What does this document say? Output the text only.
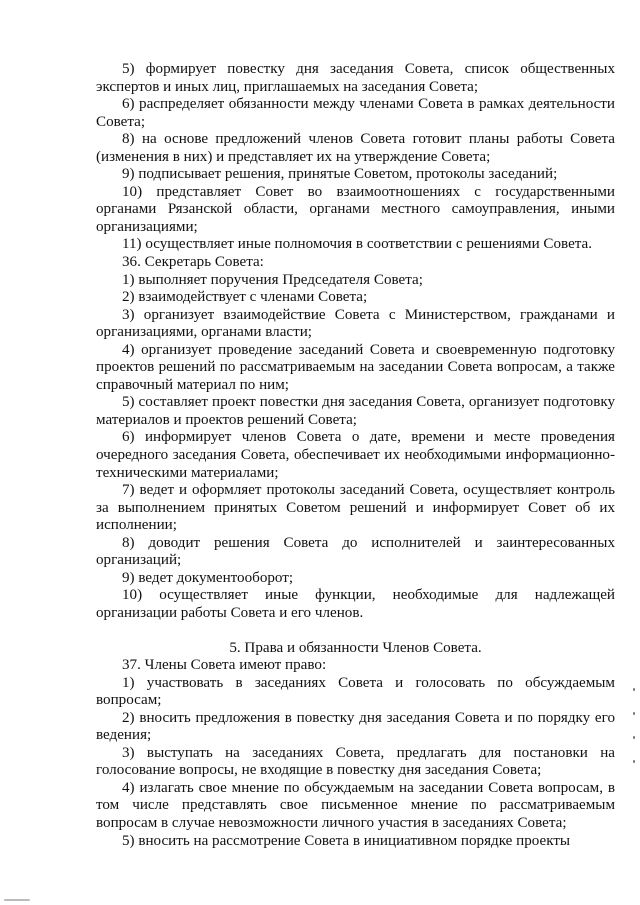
5) формирует повестку дня заседания Совета, список общественных экспертов и иных лиц, приглашаемых на заседания Совета;

6) распределяет обязанности между членами Совета в рамках деятельности Совета;

8) на основе предложений членов Совета готовит планы работы Совета (изменения в них) и представляет их на утверждение Совета;

9) подписывает решения, принятые Советом, протоколы заседаний;

10) представляет Совет во взаимоотношениях с государственными органами Рязанской области, органами местного самоуправления, иными организациями;

11) осуществляет иные полномочия в соответствии с решениями Совета.

36. Секретарь Совета:

1) выполняет поручения Председателя Совета;

2) взаимодействует с членами Совета;

3) организует взаимодействие Совета с Министерством, гражданами и организациями, органами власти;

4) организует проведение заседаний Совета и своевременную подготовку проектов решений по рассматриваемым на заседании Совета вопросам, а также справочный материал по ним;

5) составляет проект повестки дня заседания Совета, организует подготовку материалов и проектов решений Совета;

6) информирует членов Совета о дате, времени и месте проведения очередного заседания Совета, обеспечивает их необходимыми информационно-техническими материалами;

7) ведет и оформляет протоколы заседаний Совета, осуществляет контроль за выполнением принятых Советом решений и информирует Совет об их исполнении;

8) доводит решения Совета до исполнителей и заинтересованных организаций;

9) ведет документооборот;

10) осуществляет иные функции, необходимые для надлежащей организации работы Совета и его членов.

5. Права и обязанности Членов Совета.

37. Члены Совета имеют право:

1) участвовать в заседаниях Совета и голосовать по обсуждаемым вопросам;

2) вносить предложения в повестку дня заседания Совета и по порядку его ведения;

3) выступать на заседаниях Совета, предлагать для постановки на голосование вопросы, не входящие в повестку дня заседания Совета;

4) излагать свое мнение по обсуждаемым на заседании Совета вопросам, в том числе представлять свое письменное мнение по рассматриваемым вопросам в случае невозможности личного участия в заседаниях Совета;

5) вносить на рассмотрение Совета в инициативном порядке проекты
